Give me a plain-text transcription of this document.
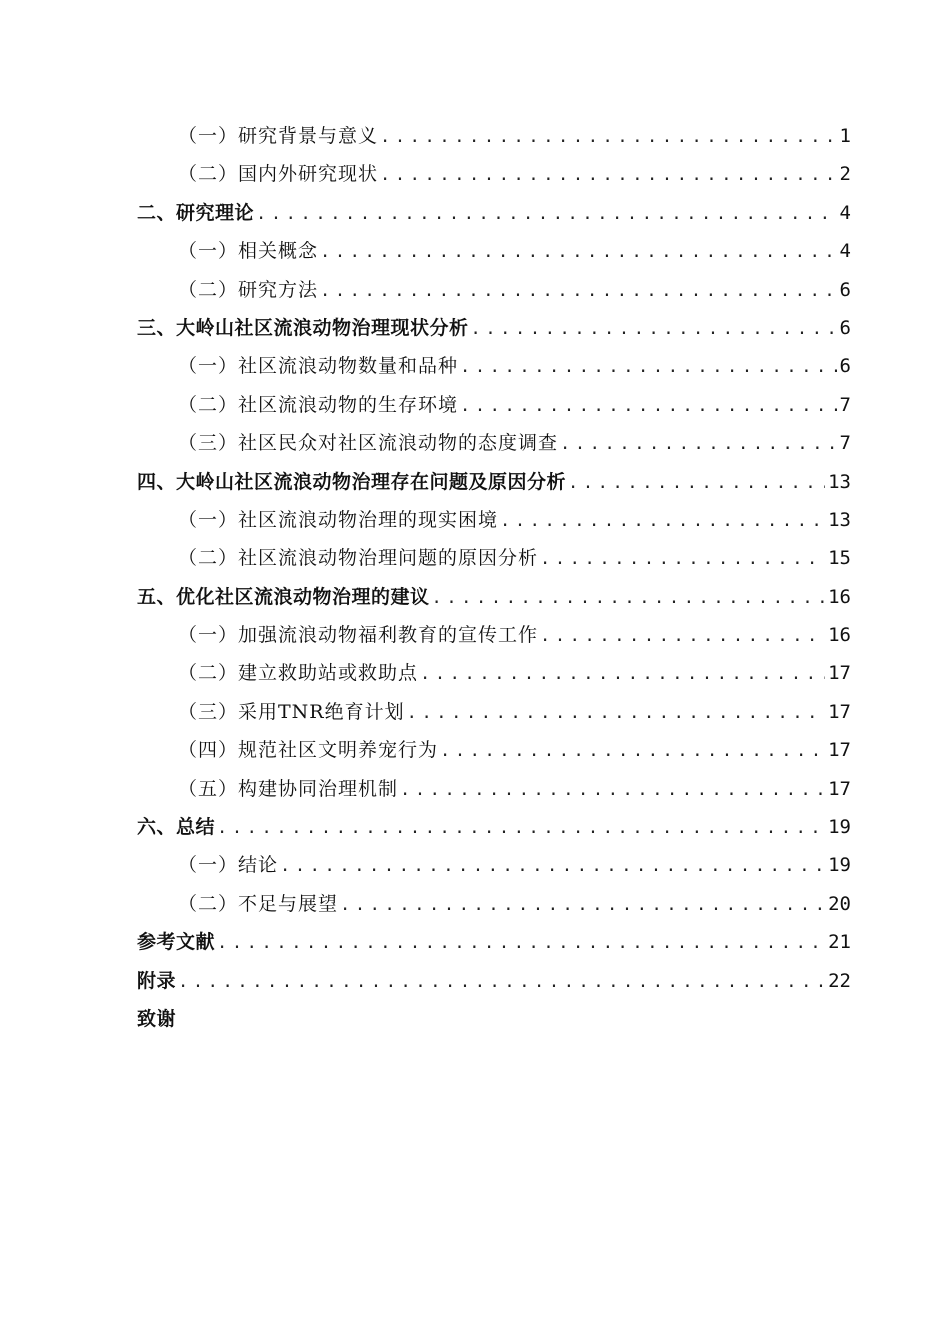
（一）研究背景与意义 .....	1
（二）国内外研究现状 .....	2
二、研究理论 .....	4
（一）相关概念 .....	4
（二）研究方法 .....	6
三、大岭山社区流浪动物治理现状分析 .....	6
（一）社区流浪动物数量和品种 .....	6
（二）社区流浪动物的生存环境 .....	7
（三）社区民众对社区流浪动物的态度调查 .....	7
四、大岭山社区流浪动物治理存在问题及原因分析 .....	13
（一）社区流浪动物治理的现实困境 .....	13
（二）社区流浪动物治理问题的原因分析 .....	15
五、优化社区流浪动物治理的建议 .....	16
（一）加强流浪动物福利教育的宣传工作 .....	16
（二）建立救助站或救助点 .....	17
（三）采用TNR绝育计划 .....	17
（四）规范社区文明养宠行为 .....	17
（五）构建协同治理机制 .....	17
六、总结 .....	19
（一）结论 .....	19
（二）不足与展望 .....	20
参考文献 .....	21
附录 .....	22
致谢
